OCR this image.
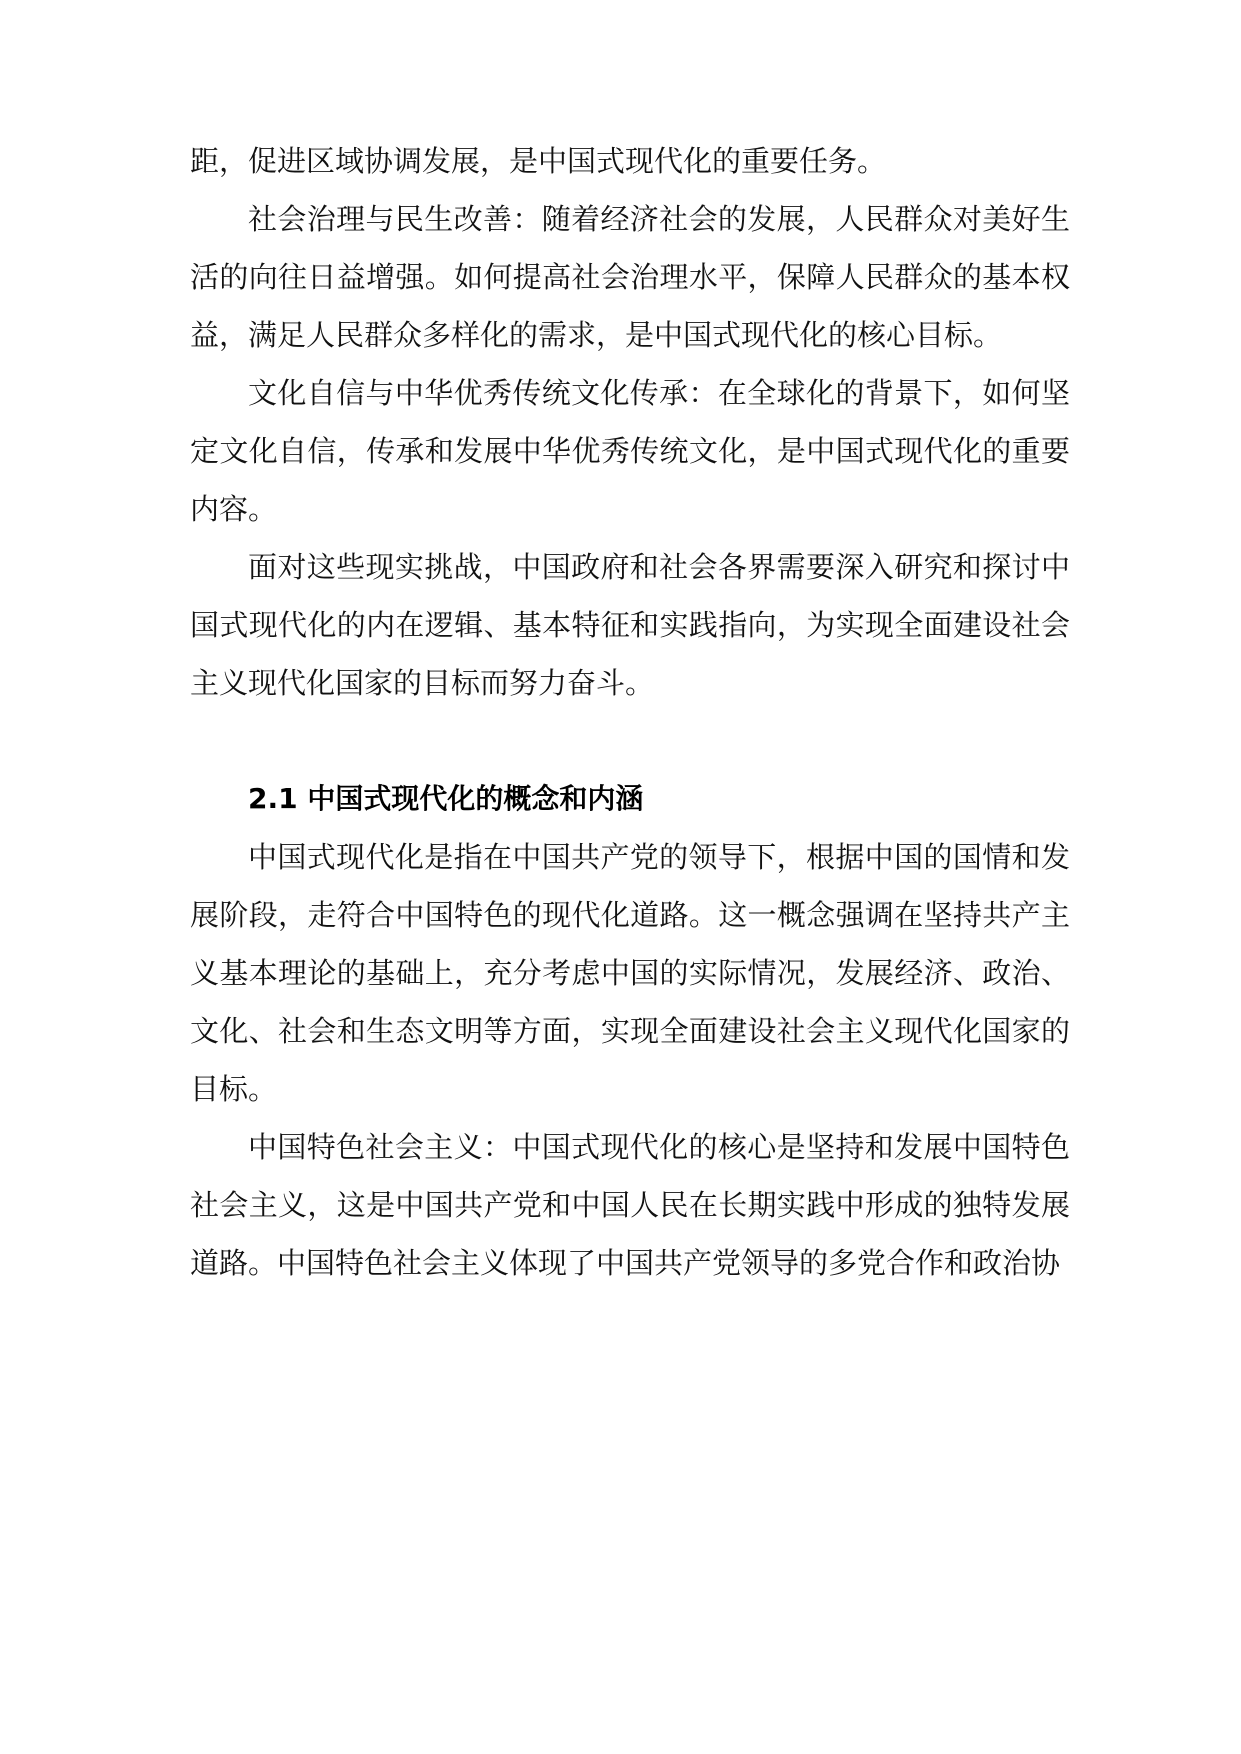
距，促进区域协调发展，是中国式现代化的重要任务。

社会治理与民生改善：随着经济社会的发展，人民群众对美好生活的向往日益增强。如何提高社会治理水平，保障人民群众的基本权益，满足人民群众多样化的需求，是中国式现代化的核心目标。

文化自信与中华优秀传统文化传承：在全球化的背景下，如何坚定文化自信，传承和发展中华优秀传统文化，是中国式现代化的重要内容。

面对这些现实挑战，中国政府和社会各界需要深入研究和探讨中国式现代化的内在逻辑、基本特征和实践指向，为实现全面建设社会主义现代化国家的目标而努力奋斗。

2.1 中国式现代化的概念和内涵

中国式现代化是指在中国共产党的领导下，根据中国的国情和发展阶段，走符合中国特色的现代化道路。这一概念强调在坚持共产主义基本理论的基础上，充分考虑中国的实际情况，发展经济、政治、文化、社会和生态文明等方面，实现全面建设社会主义现代化国家的目标。

中国特色社会主义：中国式现代化的核心是坚持和发展中国特色社会主义，这是中国共产党和中国人民在长期实践中形成的独特发展道路。中国特色社会主义体现了中国共产党领导的多党合作和政治协
